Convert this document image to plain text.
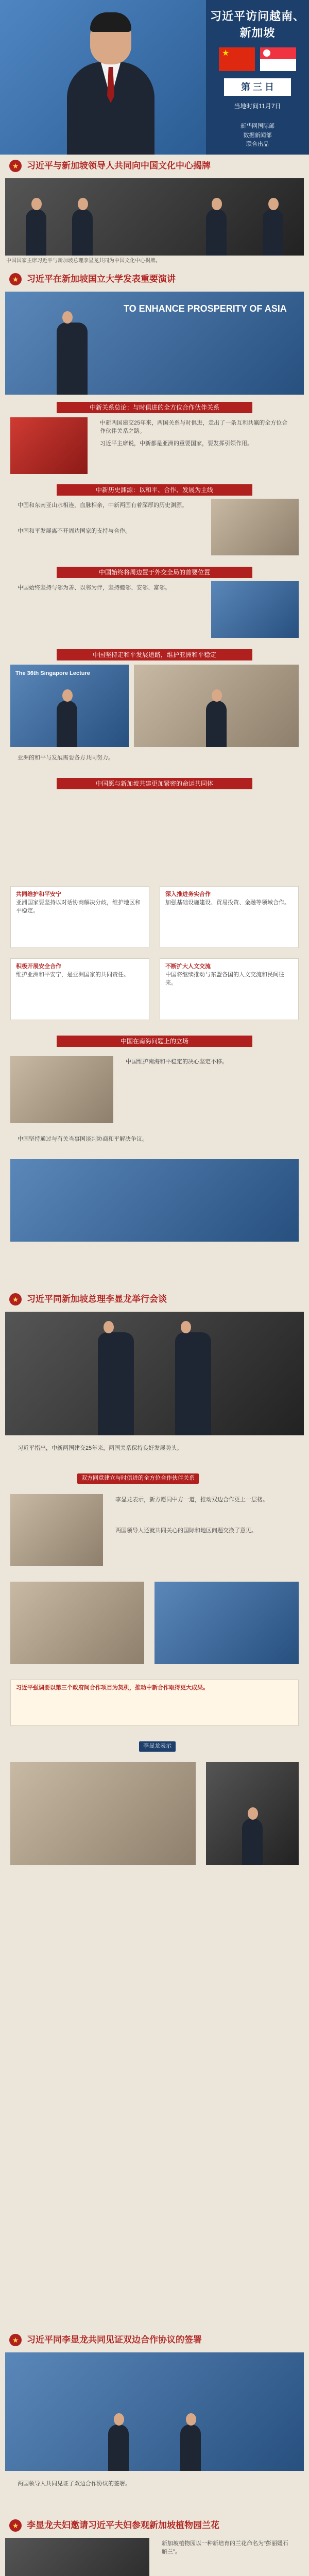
习近平访问越南、新加坡
★
第 三 日
当地时间11月7日
新华网国际部
数据新闻部
联合出品
★ 习近平与新加坡领导人共同向中国文化中心揭牌
中国国家主席习近平与新加坡总理李显龙共同为中国文化中心揭牌。
★ 习近平在新加坡国立大学发表重要演讲
TO ENHANCE PROSPERITY OF ASIA
中新关系总论：与时俱进的全方位合作伙伴关系
中新两国建交25年来，两国关系与时俱进，走出了一条互利共赢的全方位合作伙伴关系之路。
习近平主席说，中新都是亚洲的重要国家，要发挥引领作用。
中新历史渊源：以和平、合作、发展为主线
中国和东南亚山水相连，血脉相亲，中新两国有着深厚的历史渊源。
中国和平发展离不开周边国家的支持与合作。
中国始终将周边置于外交全局的首要位置
中国始终坚持与邻为善、以邻为伴，坚持睦邻、安邻、富邻。
中国坚持走和平发展道路，维护亚洲和平稳定
The 36th Singapore Lecture
亚洲的和平与发展需要各方共同努力。
中国愿与新加坡共建更加紧密的命运共同体
共同维护和平安宁
亚洲国家要坚持以对话协商解决分歧，维护地区和平稳定。
深入推进务实合作
加强基础设施建设、贸易投资、金融等领域合作。
积极开展安全合作
维护亚洲和平安宁，是亚洲国家的共同责任。
不断扩大人文交流
中国将继续推动与东盟各国的人文交流和民间往来。
中国在南海问题上的立场
中国维护南海和平稳定的决心坚定不移。
中国坚持通过与有关当事国谈判协商和平解决争议。
★ 习近平同新加坡总理李显龙举行会谈
习近平指出，中新两国建交25年来，两国关系保持良好发展势头。
双方同意建立与时俱进的全方位合作伙伴关系
李显龙表示，新方愿同中方一道，推动双边合作更上一层楼。
两国领导人还就共同关心的国际和地区问题交换了意见。
习近平强调要以第三个政府间合作项目为契机，推动中新合作取得更大成果。
李显龙表示
★ 习近平同李显龙共同见证双边合作协议的签署
两国领导人共同见证了双边合作协议的签署。
★ 李显龙夫妇邀请习近平夫妇参观新加坡植物园兰花
新加坡植物园以一种新培育的兰花命名为"彭丽媛石斛兰"。
